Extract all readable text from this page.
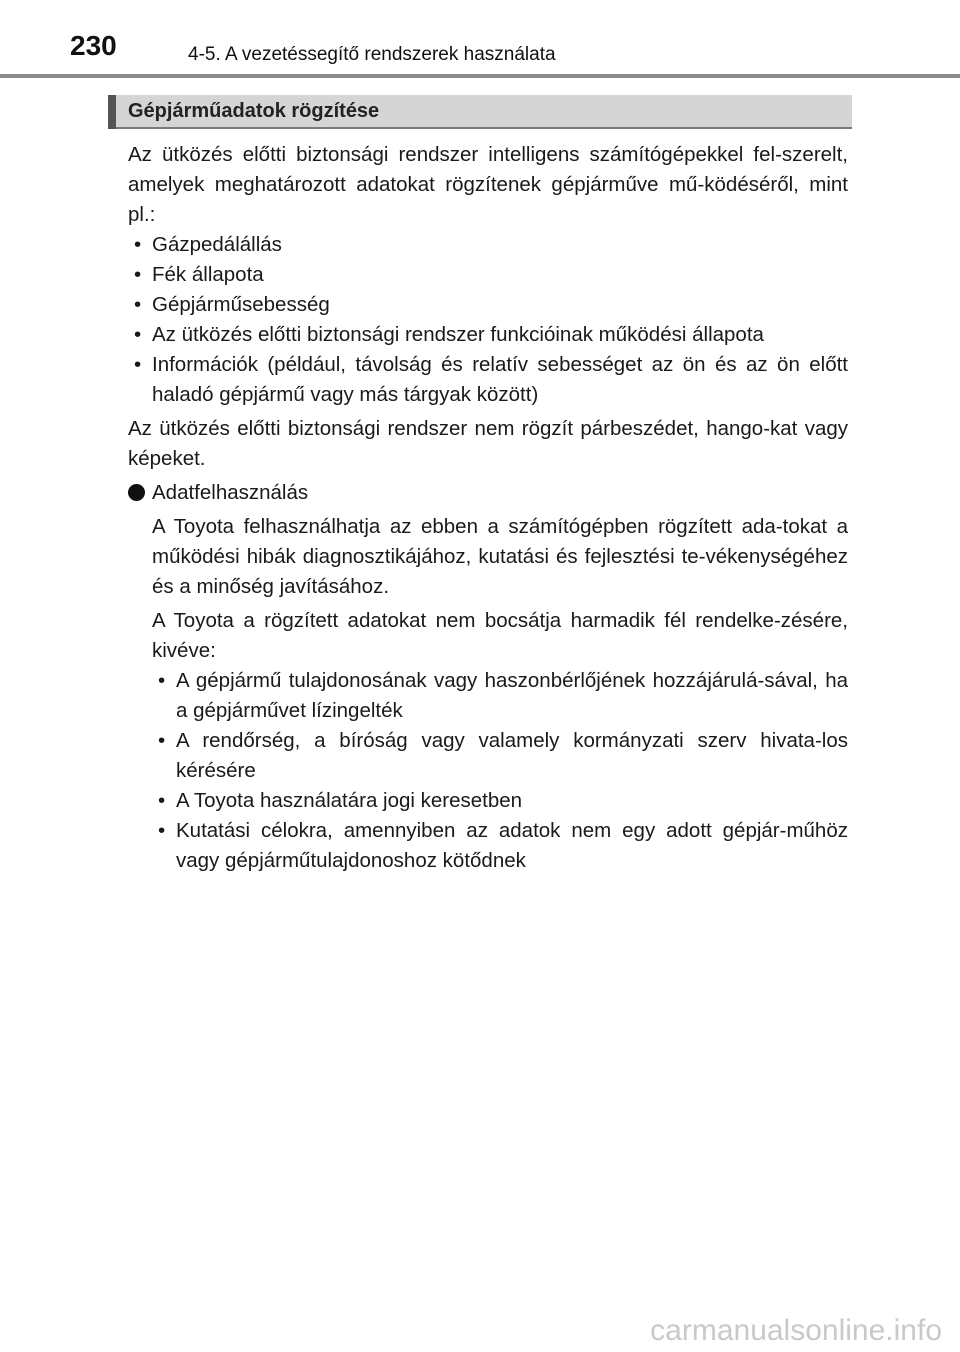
230	4-5. A vezetéssegítő rendszerek használata
Gépjárműadatok rögzítése

Az ütközés előtti biztonsági rendszer intelligens számítógépekkel fel-szerelt, amelyek meghatározott adatokat rögzítenek gépjárműve mű-ködéséről, mint pl.:

• Gázpedálállás
• Fék állapota
• Gépjárműsebesség
• Az ütközés előtti biztonsági rendszer funkcióinak működési állapota
• Információk (például, távolság és relatív sebességet az ön és az ön előtt haladó gépjármű vagy más tárgyak között)

Az ütközés előtti biztonsági rendszer nem rögzít párbeszédet, hango-kat vagy képeket.

Adatfelhasználás

A Toyota felhasználhatja az ebben a számítógépben rögzített ada-tokat a működési hibák diagnosztikájához, kutatási és fejlesztési te-vékenységéhez és a minőség javításához.

A Toyota a rögzített adatokat nem bocsátja harmadik fél rendelke-zésére, kivéve:

• A gépjármű tulajdonosának vagy haszonbérlőjének hozzájárulá-sával, ha a gépjárművet lízingelték
• A rendőrség, a bíróság vagy valamely kormányzati szerv hivata-los kérésére
• A Toyota használatára jogi keresetben
• Kutatási célokra, amennyiben az adatok nem egy adott gépjár-műhöz vagy gépjárműtulajdonoshoz kötődnek
carmanualsonline.info
